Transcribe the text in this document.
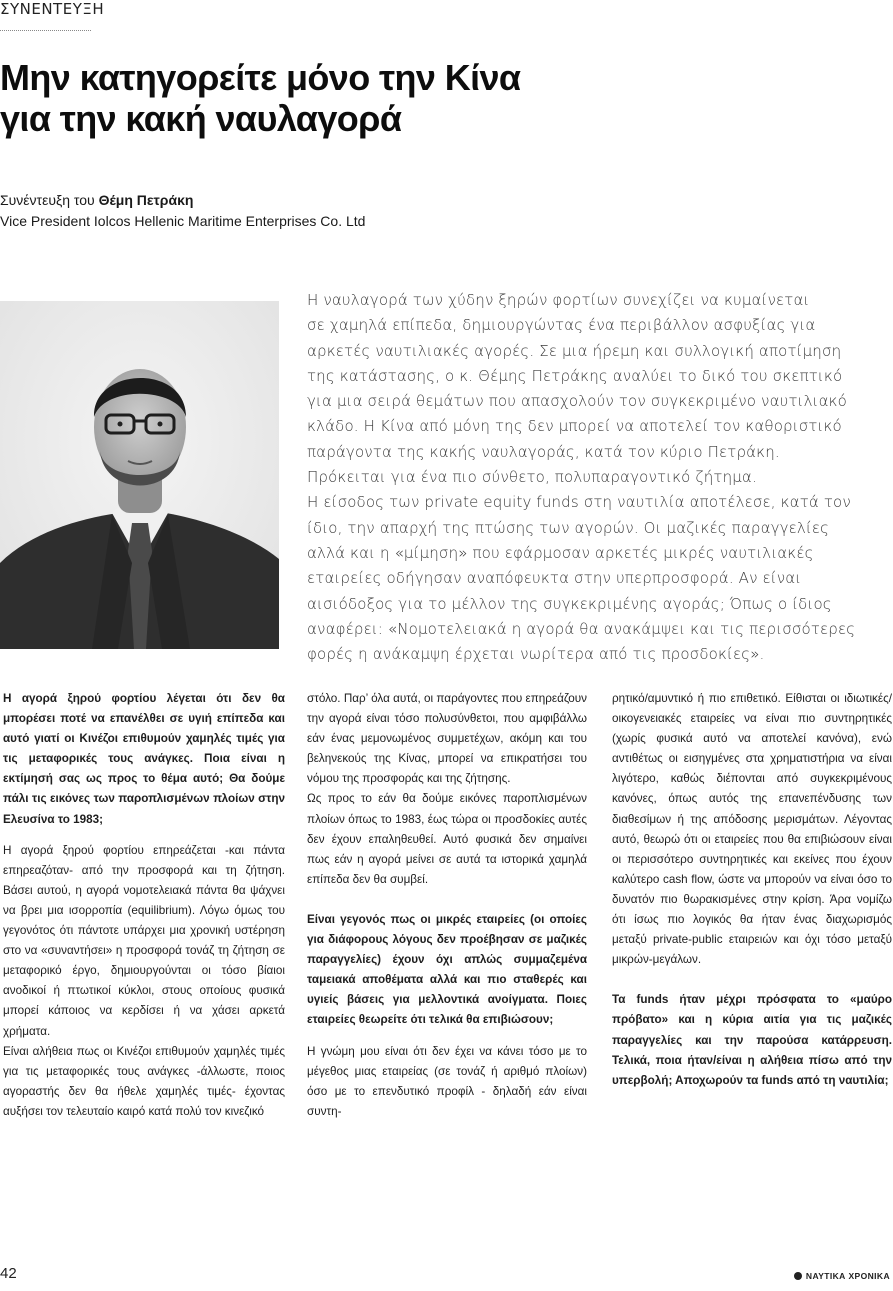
ΣΥΝΕΝΤΕΥΞΗ
Μην κατηγορείτε μόνο την Κίνα
για την κακή ναυλαγορά
Συνέντευξη του Θέμη Πετράκη
Vice President Iolcos Hellenic Maritime Enterprises Co. Ltd

Η ναυλαγορά των χύδην ξηρών φορτίων συνεχίζει να κυμαίνεται
σε χαμηλά επίπεδα, δημιουργώντας ένα περιβάλλον ασφυξίας για
αρκετές ναυτιλιακές αγορές. Σε μια ήρεμη και συλλογική αποτίμηση
της κατάστασης, ο κ. Θέμης Πετράκης αναλύει το δικό του σκεπτικό
για μια σειρά θεμάτων που απασχολούν τον συγκεκριμένο ναυτιλιακό
κλάδο. Η Κίνα από μόνη της δεν μπορεί να αποτελεί τον καθοριστικό
παράγοντα της κακής ναυλαγοράς, κατά τον κύριο Πετράκη.
Πρόκειται για ένα πιο σύνθετο, πολυπαραγοντικό ζήτημα.
Η είσοδος των private equity funds στη ναυτιλία αποτέλεσε, κατά τον
ίδιο, την απαρχή της πτώσης των αγορών. Οι μαζικές παραγγελίες
αλλά και η «μίμηση» που εφάρμοσαν αρκετές μικρές ναυτιλιακές
εταιρείες οδήγησαν αναπόφευκτα στην υπερπροσφορά. Αν είναι
αισιόδοξος για το μέλλον της συγκεκριμένης αγοράς; Όπως ο ίδιος
αναφέρει: «Νομοτελειακά η αγορά θα ανακάμψει και τις περισσότερες
φορές η ανάκαμψη έρχεται νωρίτερα από τις προσδοκίες».

Η αγορά ξηρού φορτίου λέγεται ότι δεν θα μπορέσει ποτέ να επανέλθει σε υγιή επίπεδα και αυτό γιατί οι Κινέζοι επιθυμούν χαμηλές τιμές για τις μεταφορικές τους ανάγκες. Ποια είναι η εκτίμησή σας ως προς το θέμα αυτό; Θα δούμε πάλι τις εικόνες των παροπλισμένων πλοίων στην Ελευσίνα το 1983;

Η αγορά ξηρού φορτίου επηρεάζεται -και πάντα επηρεαζόταν- από την προσφορά και τη ζήτηση. Βάσει αυτού, η αγορά νομοτελειακά πάντα θα ψάχνει να βρει μια ισορροπία (equilibrium). Λόγω όμως του γεγονότος ότι πάντοτε υπάρχει μια χρονική υστέρηση στο να «συναντήσει» η προσφορά τονάζ τη ζήτηση σε μεταφορικό έργο, δημιουργούνται οι τόσο βίαιοι ανοδικοί ή πτωτικοί κύκλοι, στους οποίους φυσικά μπορεί κάποιος να κερδίσει ή να χάσει αρκετά χρήματα.

Είναι αλήθεια πως οι Κινέζοι επιθυμούν χαμηλές τιμές για τις μεταφορικές τους ανάγκες -άλλωστε, ποιος αγοραστής δεν θα ήθελε χαμηλές τιμές- έχοντας αυξήσει τον τελευταίο καιρό κατά πολύ τον κινεζικό

στόλο. Παρ’ όλα αυτά, οι παράγοντες που επηρεάζουν την αγορά είναι τόσο πολυσύνθετοι, που αμφιβάλλω εάν ένας μεμονωμένος συμμετέχων, ακόμη και του βεληνεκούς της Κίνας, μπορεί να επικρατήσει του νόμου της προσφοράς και της ζήτησης.

Ως προς το εάν θα δούμε εικόνες παροπλισμένων πλοίων όπως το 1983, έως τώρα οι προσδοκίες αυτές δεν έχουν επαληθευθεί. Αυτό φυσικά δεν σημαίνει πως εάν η αγορά μείνει σε αυτά τα ιστορικά χαμηλά επίπεδα δεν θα συμβεί.

Είναι γεγονός πως οι μικρές εταιρείες (οι οποίες για διάφορους λόγους δεν προέβησαν σε μαζικές παραγγελίες) έχουν όχι απλώς συμμαζεμένα ταμειακά αποθέματα αλλά και πιο σταθερές και υγιείς βάσεις για μελλοντικά ανοίγματα. Ποιες εταιρείες θεωρείτε ότι τελικά θα επιβιώσουν;

Η γνώμη μου είναι ότι δεν έχει να κάνει τόσο με το μέγεθος μιας εταιρείας (σε τονάζ ή αριθμό πλοίων) όσο με το επενδυτικό προφίλ - δηλαδή εάν είναι συντη-

ρητικό/αμυντικό ή πιο επιθετικό. Είθισται οι ιδιωτικές/οικογενειακές εταιρείες να είναι πιο συντηρητικές (χωρίς φυσικά αυτό να αποτελεί κανόνα), ενώ αντιθέτως οι εισηγμένες στα χρηματιστήρια να είναι λιγότερο, καθώς διέπονται από συγκεκριμένους κανόνες, όπως αυτός της επανεπένδυσης των διαθεσίμων ή της απόδοσης μερισμάτων. Λέγοντας αυτό, θεωρώ ότι οι εταιρείες που θα επιβιώσουν είναι οι περισσότερο συντηρητικές και εκείνες που έχουν καλύτερο cash flow, ώστε να μπορούν να είναι όσο το δυνατόν πιο θωρακισμένες στην κρίση. Άρα νομίζω ότι ίσως πιο λογικός θα ήταν ένας διαχωρισμός μεταξύ private-public εταιρειών και όχι τόσο μεταξύ μικρών-μεγάλων.

Τα funds ήταν μέχρι πρόσφατα το «μαύρο πρόβατο» και η κύρια αιτία για τις μαζικές παραγγελίες και την παρούσα κατάρρευση. Τελικά, ποια ήταν/είναι η αλήθεια πίσω από την υπερβολή; Αποχωρούν τα funds από τη ναυτιλία;

42	ΝΑΥΤΙΚΑ ΧΡΟΝΙΚΑ
